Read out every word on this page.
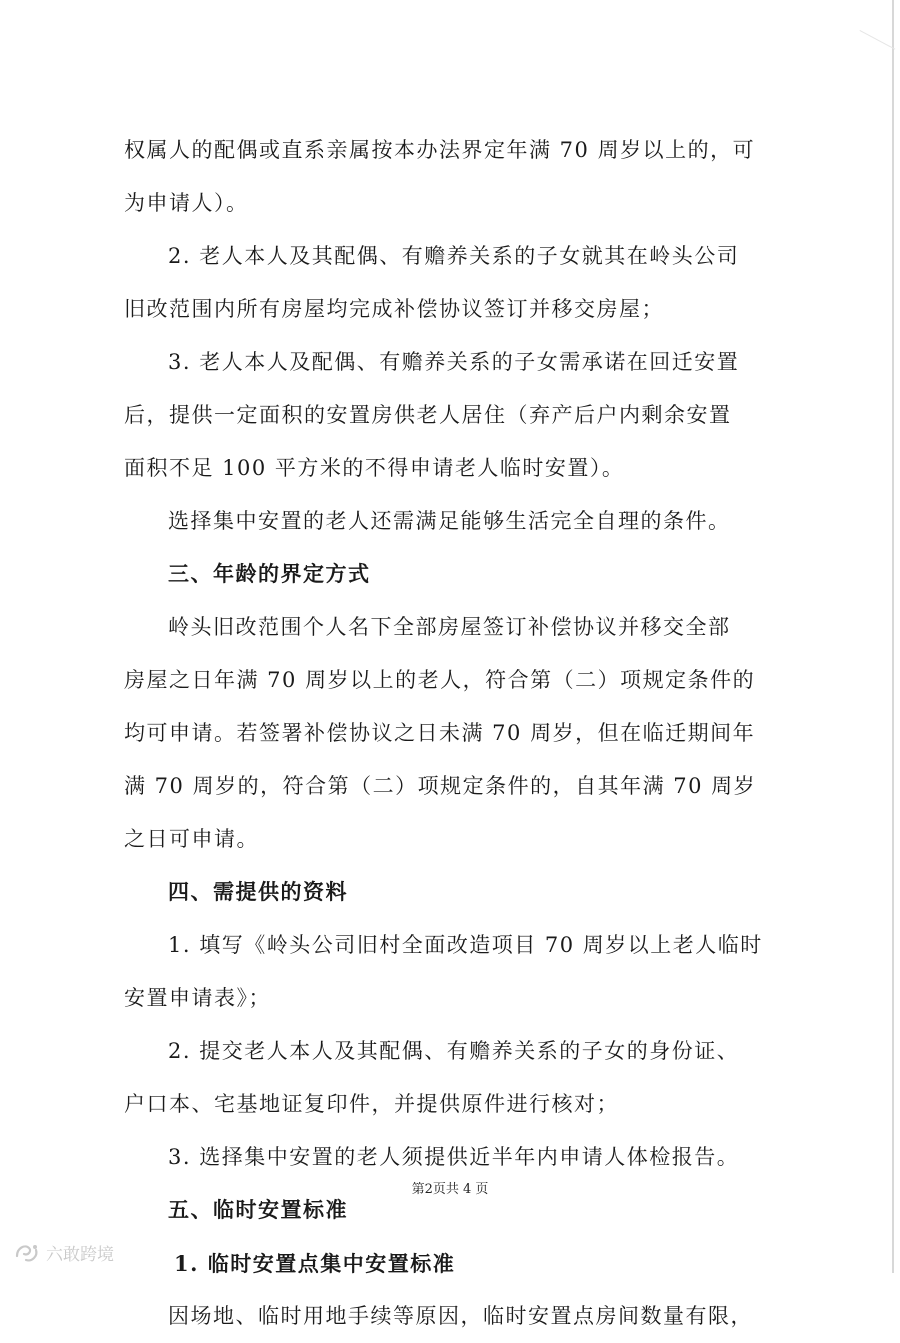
权属人的配偶或直系亲属按本办法界定年满 70 周岁以上的，可
为申请人）。
2. 老人本人及其配偶、有赡养关系的子女就其在岭头公司
旧改范围内所有房屋均完成补偿协议签订并移交房屋；
3. 老人本人及配偶、有赡养关系的子女需承诺在回迁安置
后，提供一定面积的安置房供老人居住（弃产后户内剩余安置
面积不足 100 平方米的不得申请老人临时安置）。
选择集中安置的老人还需满足能够生活完全自理的条件。
三、年龄的界定方式
岭头旧改范围个人名下全部房屋签订补偿协议并移交全部
房屋之日年满 70 周岁以上的老人，符合第（二）项规定条件的
均可申请。若签署补偿协议之日未满 70 周岁，但在临迁期间年
满 70 周岁的，符合第（二）项规定条件的，自其年满 70 周岁
之日可申请。
四、需提供的资料
1. 填写《岭头公司旧村全面改造项目 70 周岁以上老人临时
安置申请表》；
2. 提交老人本人及其配偶、有赡养关系的子女的身份证、
户口本、宅基地证复印件，并提供原件进行核对；
3. 选择集中安置的老人须提供近半年内申请人体检报告。
五、临时安置标准
1. 临时安置点集中安置标准
因场地、临时用地手续等原因，临时安置点房间数量有限，
第2页共 4 页
六敢跨境
